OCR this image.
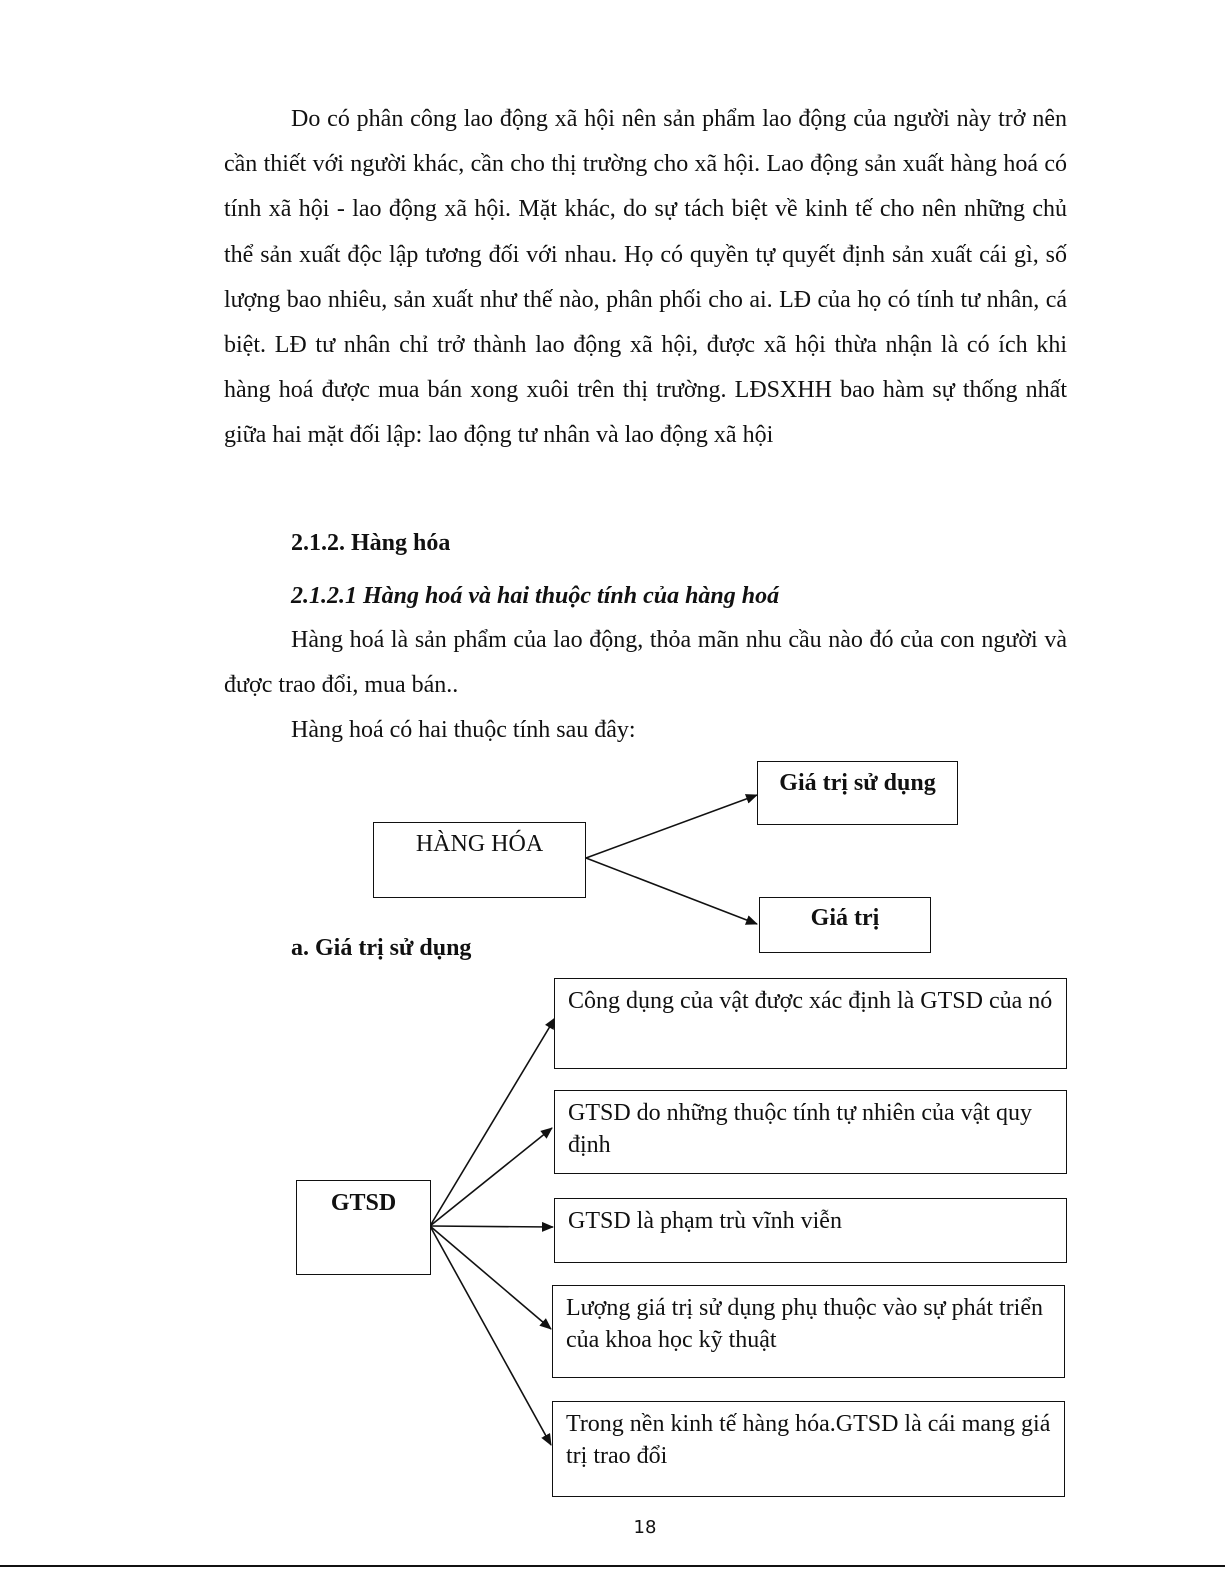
Do có phân công lao động xã hội nên sản phẩm lao động của người này trở nên cần thiết với người khác, cần cho thị trường cho xã hội. Lao động sản xuất hàng hoá có tính xã hội - lao động xã hội. Mặt khác, do sự tách biệt về kinh tế cho nên những chủ thể sản xuất độc lập tương đối với nhau. Họ có quyền tự quyết định sản xuất cái gì, số lượng bao nhiêu, sản xuất như thế nào, phân phối cho ai. LĐ của họ có tính tư nhân, cá biệt. LĐ tư nhân chỉ trở thành lao động xã hội, được xã hội thừa nhận là có ích khi hàng hoá được mua bán xong xuôi trên thị trường. LĐSXHH bao hàm sự thống nhất giữa hai mặt đối lập: lao động tư nhân và lao động xã hội

2.1.2. Hàng hóa

2.1.2.1 Hàng hoá và hai thuộc tính của hàng hoá

Hàng hoá là sản phẩm của lao động, thỏa mãn nhu cầu nào đó của con người và được trao đổi, mua bán..

Hàng hoá có hai thuộc tính sau đây:

HÀNG HÓA
Giá trị sử dụng
Giá trị

a. Giá trị sử dụng

GTSD
Công dụng của vật được xác định là GTSD của nó
GTSD do những thuộc tính tự nhiên của vật quy định
GTSD là phạm trù vĩnh viễn
Lượng giá trị sử dụng phụ thuộc vào sự phát triển của khoa học kỹ thuật
Trong nền kinh tế hàng hóa.GTSD là cái mang giá trị trao đổi
18
